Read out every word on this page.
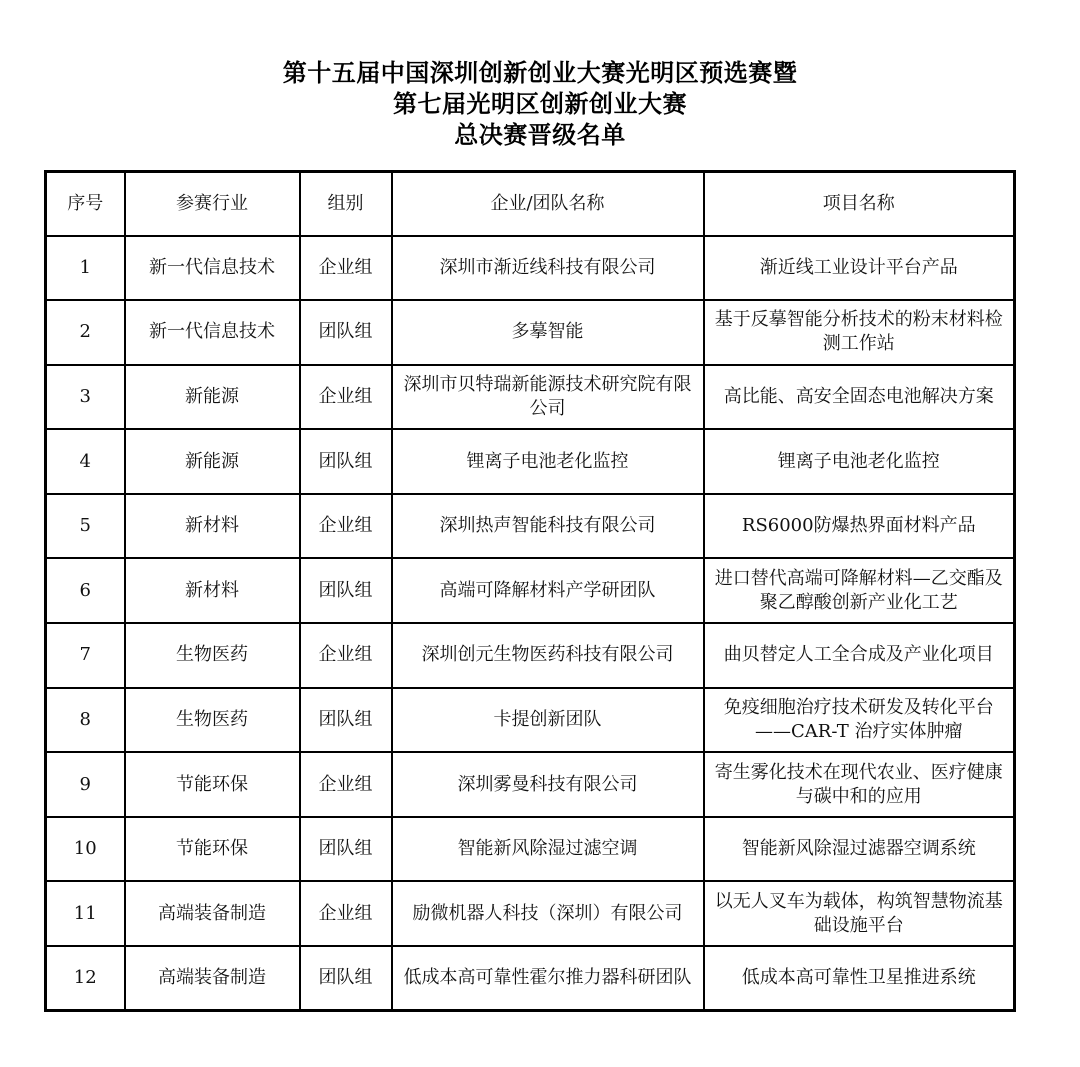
第十五届中国深圳创新创业大赛光明区预选赛暨
第七届光明区创新创业大赛
总决赛晋级名单
序号	参赛行业	组别	企业/团队名称	项目名称
1	新一代信息技术	企业组	深圳市渐近线科技有限公司	渐近线工业设计平台产品
2	新一代信息技术	团队组	多摹智能	基于反摹智能分析技术的粉末材料检测工作站
3	新能源	企业组	深圳市贝特瑞新能源技术研究院有限公司	高比能、高安全固态电池解决方案
4	新能源	团队组	锂离子电池老化监控	锂离子电池老化监控
5	新材料	企业组	深圳热声智能科技有限公司	RS6000防爆热界面材料产品
6	新材料	团队组	高端可降解材料产学研团队	进口替代高端可降解材料—乙交酯及聚乙醇酸创新产业化工艺
7	生物医药	企业组	深圳创元生物医药科技有限公司	曲贝替定人工全合成及产业化项目
8	生物医药	团队组	卡提创新团队	免疫细胞治疗技术研发及转化平台——CAR-T 治疗实体肿瘤
9	节能环保	企业组	深圳雾曼科技有限公司	寄生雾化技术在现代农业、医疗健康与碳中和的应用
10	节能环保	团队组	智能新风除湿过滤空调	智能新风除湿过滤器空调系统
11	高端装备制造	企业组	励微机器人科技（深圳）有限公司	以无人叉车为载体，构筑智慧物流基础设施平台
12	高端装备制造	团队组	低成本高可靠性霍尔推力器科研团队	低成本高可靠性卫星推进系统
